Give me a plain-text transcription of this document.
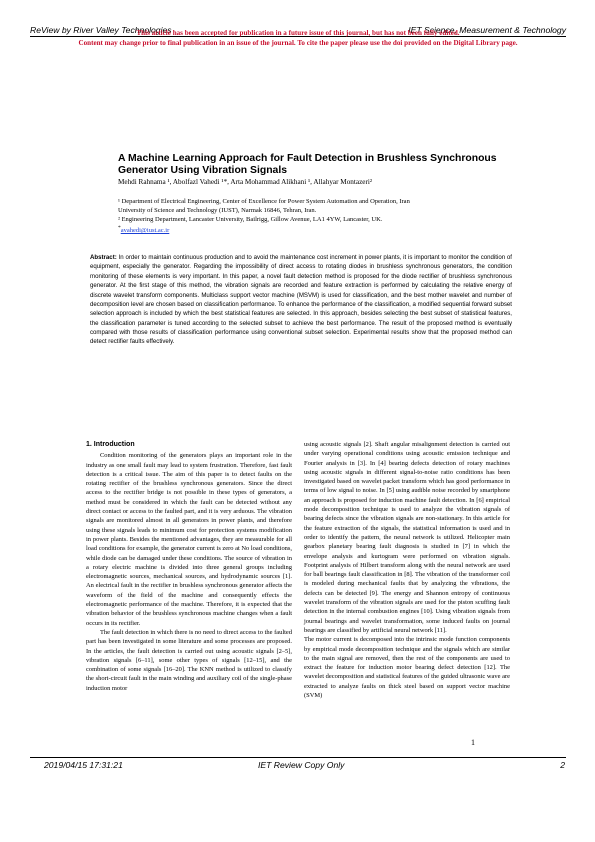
ReView by River Valley Technologies	IET Science, Measurement & Technology
This article has been accepted for publication in a future issue of this journal, but has not been fully edited.
Content may change prior to final publication in an issue of the journal. To cite the paper please use the doi provided on the Digital Library page.
A Machine Learning Approach for Fault Detection in Brushless Synchronous
Generator Using Vibration Signals
Mehdi Rahnama ¹, Abolfazl Vahedi ¹*, Arta Mohammad Alikhani ¹, Allahyar Montazeri²
¹ Department of Electrical Engineering, Center of Excellence for Power System Automation and Operation, Iran
University of Science and Technology (IUST), Narmak 16846, Tehran, Iran.
² Engineering Department, Lancaster University, Bailrigg, Gillow Avenue, LA1 4YW, Lancaster, UK.
*avahedi@iust.ac.ir
Abstract: In order to maintain continuous production and to avoid the maintenance cost increment in power plants, it is important to monitor the condition of equipment, especially the generator. Regarding the impossibility of direct access to rotating diodes in brushless synchronous generators, the condition monitoring of these elements is very important. In this paper, a novel fault detection method is proposed for the diode rectifier of brushless synchronous generator. At the first stage of this method, the vibration signals are recorded and feature extraction is performed by calculating the relative energy of discrete wavelet transform components. Multiclass support vector machine (MSVM) is used for classification, and the best mother wavelet and number of decomposition level are chosen based on classification performance. To enhance the performance of the classification, a modified sequential forward subset selection approach is included by which the best statistical features are selected. In this approach, besides selecting the best subset of statistical features, the classification parameter is tuned according to the selected subset to achieve the best performance. The result of the proposed method is eventually compared with those results of classification performance using conventional subset selection. Experimental results show that the proposed method can detect rectifier faults effectively.
1. Introduction

Condition monitoring of the generators plays an important role in the industry as one small fault may lead to system frustration. Therefore, fast fault detection is a critical issue. The aim of this paper is to detect faults on the rotating rectifier of the brushless synchronous generators. Since the direct access to the rectifier bridge is not possible in these types of generators, a method must be considered in which the fault can be detected without any direct contact or access to the faulted part, and it is very arduous. The vibration signals are monitored almost in all generators in power plants, and therefore using these signals leads to minimum cost for protection systems modification in power plants. Besides the mentioned advantages, they are measurable for all load conditions for example, the generator current is zero at No load conditions, while diode can be damaged under these conditions. The source of vibration in a rotary electric machine is divided into three general groups including electromagnetic sources, mechanical sources, and hydrodynamic sources [1]. An electrical fault in the rectifier in brushless synchronous generator affects the waveform of the field of the machine and consequently effects the electromagnetic performance of the machine. Therefore, it is expected that the vibration behavior of the brushless synchronous machine changes when a fault occurs in its rectifier.

The fault detection in which there is no need to direct access to the faulted part has been investigated in some literature and some processes are proposed. In the articles, the fault detection is carried out using acoustic signals [2–5], vibration signals [6–11], some other types of signals [12–15], and the combination of some signals [16–20]. The KNN method is utilized to classify the short-circuit fault in the main winding and auxiliary coil of the single-phase induction motor

using acoustic signals [2]. Shaft angular misalignment detection is carried out under varying operational conditions using acoustic emission technique and Fourier analysis in [3]. In [4] bearing defects detection of rotary machines using acoustic signals in different signal-to-noise ratio conditions has been investigated based on wavelet packet transform which has good performance in terms of low signal to noise. In [5] using audible noise recorded by smartphone an approach is proposed for induction machine fault detection. In [6] empirical mode decomposition technique is used to analyze the vibration signals of bearing defects since the vibration signals are non-stationary. In this article for the feature extraction of the signals, the statistical information is used and in order to identify the pattern, the neural network is utilized. Helicopter main gearbox planetary bearing fault diagnosis is studied in [7] in which the envelope analysis and kurtogram were performed on vibration signals. Footprint analysis of Hilbert transform along with the neural network are used for ball bearings fault classification in [8]. The vibration of the transformer coil is modeled during mechanical faults that by analyzing the vibrations, the defects can be detected [9]. The energy and Shannon entropy of continuous wavelet transform of the vibration signals are used for the piston scuffing fault detection in the internal combustion engines [10]. Using vibration signals from journal bearings and wavelet transformation, some induced faults on journal bearings are classified by artificial neural network [11].

The motor current is decomposed into the intrinsic mode function components by empirical mode decomposition technique and the signals which are similar to the main signal are removed, then the rest of the components are used to extract the feature for induction motor bearing defect detection [12]. The wavelet decomposition and statistical features of the guided ultrasonic wave are extracted to analyze faults on thick steel based on support vector machine (SVM)

1
2019/04/15 17:31:21	IET Review Copy Only	2
